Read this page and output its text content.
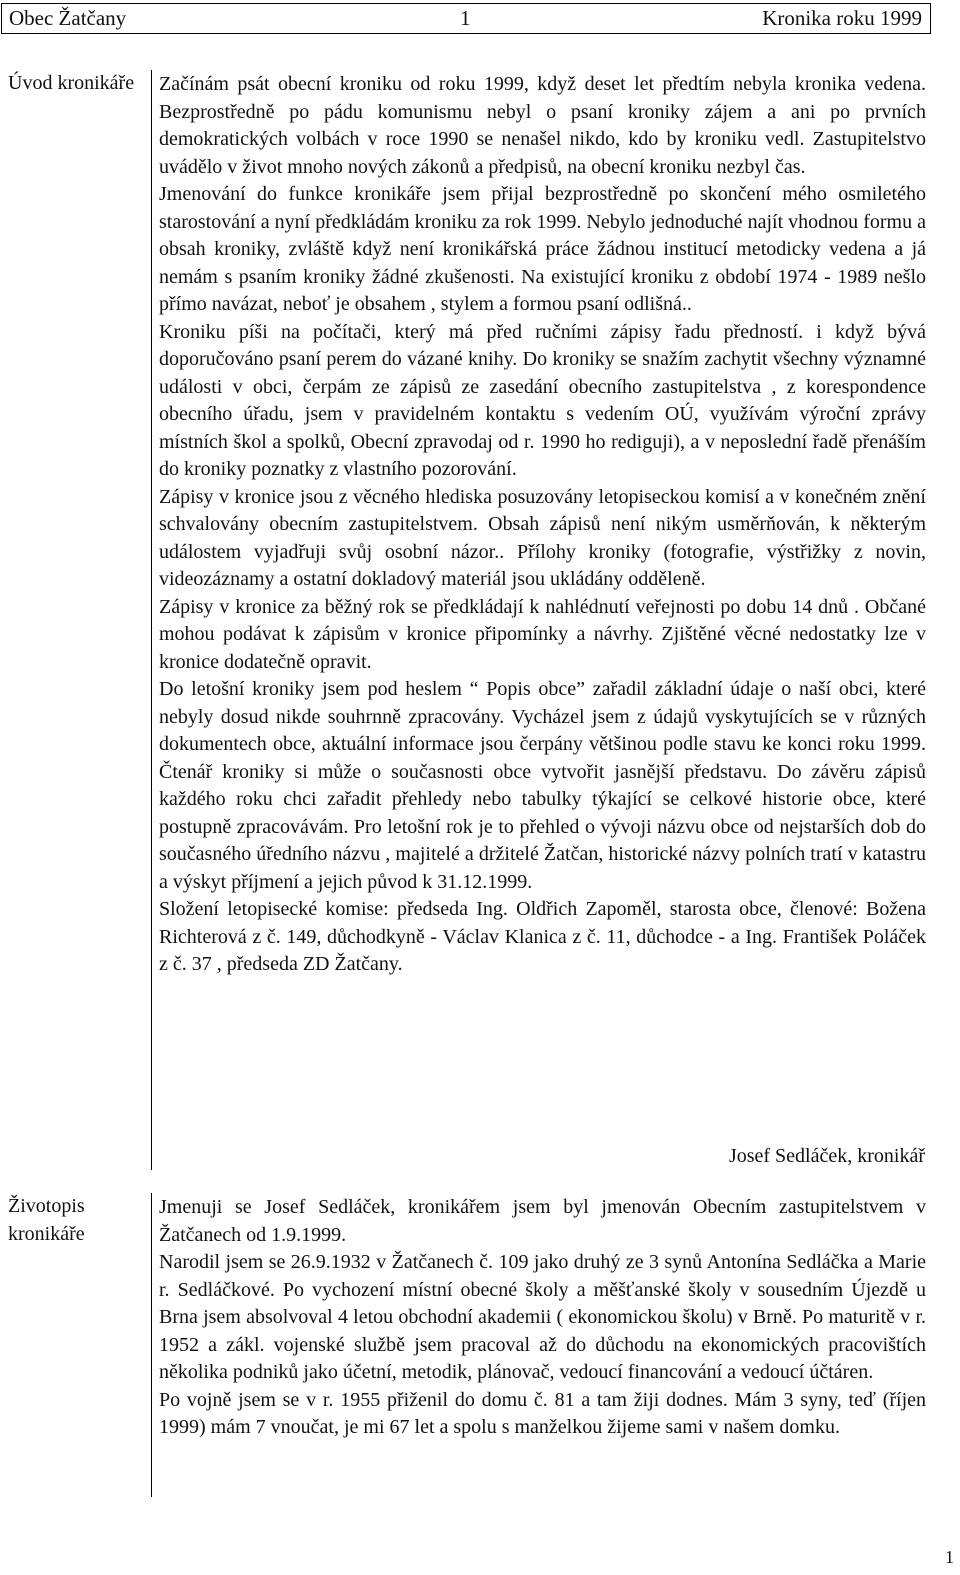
Obec Žatčany	1	Kronika roku 1999
Úvod kronikáře Začínám psát obecní kroniku od roku 1999, když deset let předtím nebyla kronika vedena. Bezprostředně po pádu komunismu nebyl o psaní kroniky zájem a ani po prvních demokratických volbách v roce 1990 se nenašel nikdo, kdo by kroniku vedl. Zastupitelstvo uvádělo v život mnoho nových zákonů a předpisů, na obecní kroniku nezbyl čas.

Jmenování do funkce kronikáře jsem přijal bezprostředně po skončení mého osmiletého starostování a nyní předkládám kroniku za rok 1999. Nebylo jednoduché najít vhodnou formu a obsah kroniky, zvláště když není kronikářská práce žádnou institucí metodicky vedena a já nemám s psaním kroniky žádné zkušenosti. Na existující kroniku z období 1974 - 1989 nešlo přímo navázat, neboť je obsahem , stylem a formou psaní odlišná..

Kroniku píši na počítači, který má před ručními zápisy řadu předností. i když bývá doporučováno psaní perem do vázané knihy. Do kroniky se snažím zachytit všechny významné události v obci, čerpám ze zápisů ze zasedání obecního zastupitelstva , z korespondence obecního úřadu, jsem v pravidelném kontaktu s vedením OÚ, využívám výroční zprávy místních škol a spolků, Obecní zpravodaj od r. 1990 ho rediguji), a v neposlední řadě přenáším do kroniky poznatky z vlastního pozorování.

Zápisy v kronice jsou z věcného hlediska posuzovány letopiseckou komisí a v konečném znění schvalovány obecním zastupitelstvem. Obsah zápisů není nikým usměrňován, k některým událostem vyjadřuji svůj osobní názor.. Přílohy kroniky (fotografie, výstřižky z novin, videozáznamy a ostatní dokladový materiál jsou ukládány odděleně.

Zápisy v kronice za běžný rok se předkládají k nahlédnutí veřejnosti po dobu 14 dnů . Občané mohou podávat k zápisům v kronice připomínky a návrhy. Zjištěné věcné nedostatky lze v kronice dodatečně opravit.

Do letošní kroniky jsem pod heslem “ Popis obce” zařadil základní údaje o naší obci, které nebyly dosud nikde souhrnně zpracovány. Vycházel jsem z údajů vyskytujících se v různých dokumentech obce, aktuální informace jsou čerpány většinou podle stavu ke konci roku 1999. Čtenář kroniky si může o současnosti obce vytvořit jasnější představu. Do závěru zápisů každého roku chci zařadit přehledy nebo tabulky týkající se celkové historie obce, které postupně zpracovávám. Pro letošní rok je to přehled o vývoji názvu obce od nejstarších dob do současného úředního názvu , majitelé a držitelé Žatčan, historické názvy polních tratí v katastru a výskyt příjmení a jejich původ k 31.12.1999.

Složení letopisecké komise: předseda Ing. Oldřich Zapoměl, starosta obce, členové: Božena Richterová z č. 149, důchodkyně - Václav Klanica z č. 11, důchodce - a Ing. František Poláček z č. 37 , předseda ZD Žatčany.

Josef Sedláček, kronikář
Životopis kronikáře

Jmenuji se Josef Sedláček, kronikářem jsem byl jmenován Obecním zastupitelstvem v Žatčanech od 1.9.1999.

Narodil jsem se 26.9.1932 v Žatčanech č. 109 jako druhý ze 3 synů Antonína Sedláčka a Marie r. Sedláčkové. Po vychození místní obecné školy a měšťanské školy v sousedním Újezdě u Brna jsem absolvoval 4 letou obchodní akademii ( ekonomickou školu) v Brně. Po maturitě v r. 1952 a zákl. vojenské službě jsem pracoval až do důchodu na ekonomických pracovištích několika podniků jako účetní, metodik, plánovač, vedoucí financování a vedoucí účtáren.

Po vojně jsem se v r. 1955 přiženil do domu č. 81 a tam žiji dodnes. Mám 3 syny, teď (říjen 1999) mám 7 vnoučat, je mi 67 let a spolu s manželkou žijeme sami v našem domku.

1
